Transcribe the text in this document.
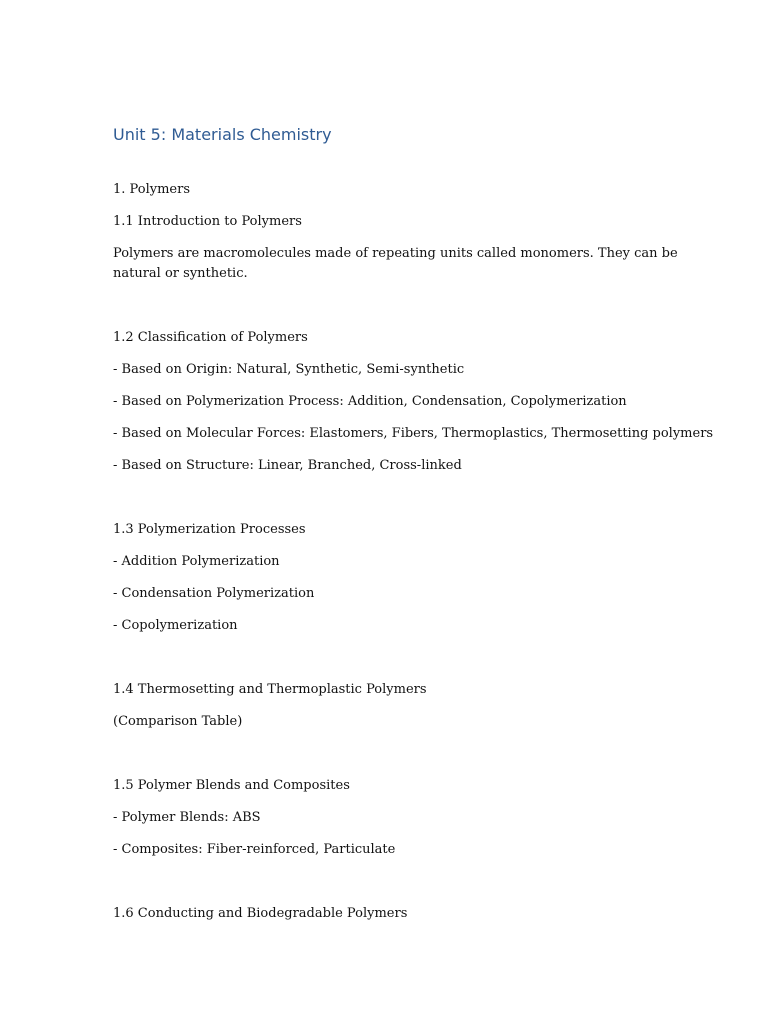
Unit 5: Materials Chemistry

1. Polymers

1.1 Introduction to Polymers

Polymers are macromolecules made of repeating units called monomers. They can be

natural or synthetic.

1.2 Classification of Polymers

- Based on Origin: Natural, Synthetic, Semi-synthetic

- Based on Polymerization Process: Addition, Condensation, Copolymerization

- Based on Molecular Forces: Elastomers, Fibers, Thermoplastics, Thermosetting polymers

- Based on Structure: Linear, Branched, Cross-linked

1.3 Polymerization Processes

- Addition Polymerization

- Condensation Polymerization

- Copolymerization

1.4 Thermosetting and Thermoplastic Polymers

(Comparison Table)

1.5 Polymer Blends and Composites

- Polymer Blends: ABS

- Composites: Fiber-reinforced, Particulate

1.6 Conducting and Biodegradable Polymers
